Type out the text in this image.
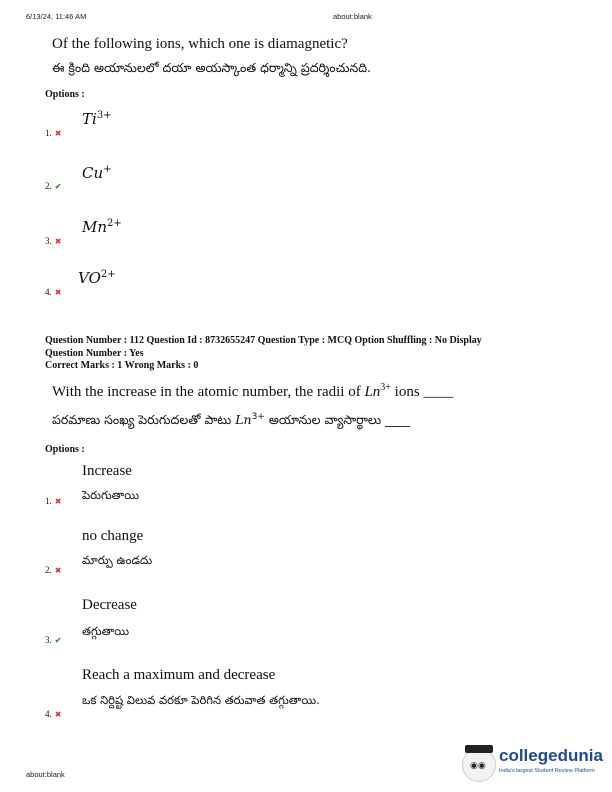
6/13/24, 11:46 AM	about:blank
Of the following ions, which one is diamagnetic?
ఈ క్రింది అయానులలో దయా అయస్కాంత ధర్మాన్ని ప్రదర్శించునది.
Options :
$Ti^{3+}$
1. ✖
Cu+
2. ✔
$Mn^{2+}$
3. ✖
$VO^{2+}$
4. ✖
Question Number : 112 Question Id : 8732655247 Question Type : MCQ Option Shuffling : No Display
Question Number : Yes
Correct Marks : 1 Wrong Marks : 0
With the increase in the atomic number, the radii of $Ln^{3+}$ ions ____
పరమాణు సంఖ్య పెరుగుదలతో పాటు $Ln^{3+}$ అయానుల వ్యాసార్థాలు ____
Options :
Increase
పెరుగుతాయి
1. ✖
no change
మార్పు ఉండదు
2. ✖
Decrease
తగ్గుతాయి
3. ✔
Reach a maximum and decrease
ఒక నిర్దిష్ట విలువ వరకూ పెరిగిన తరువాత తగ్గుతాయి.
4. ✖
about:blank
◉◉
collegedunia
India's largest Student Review Platform
